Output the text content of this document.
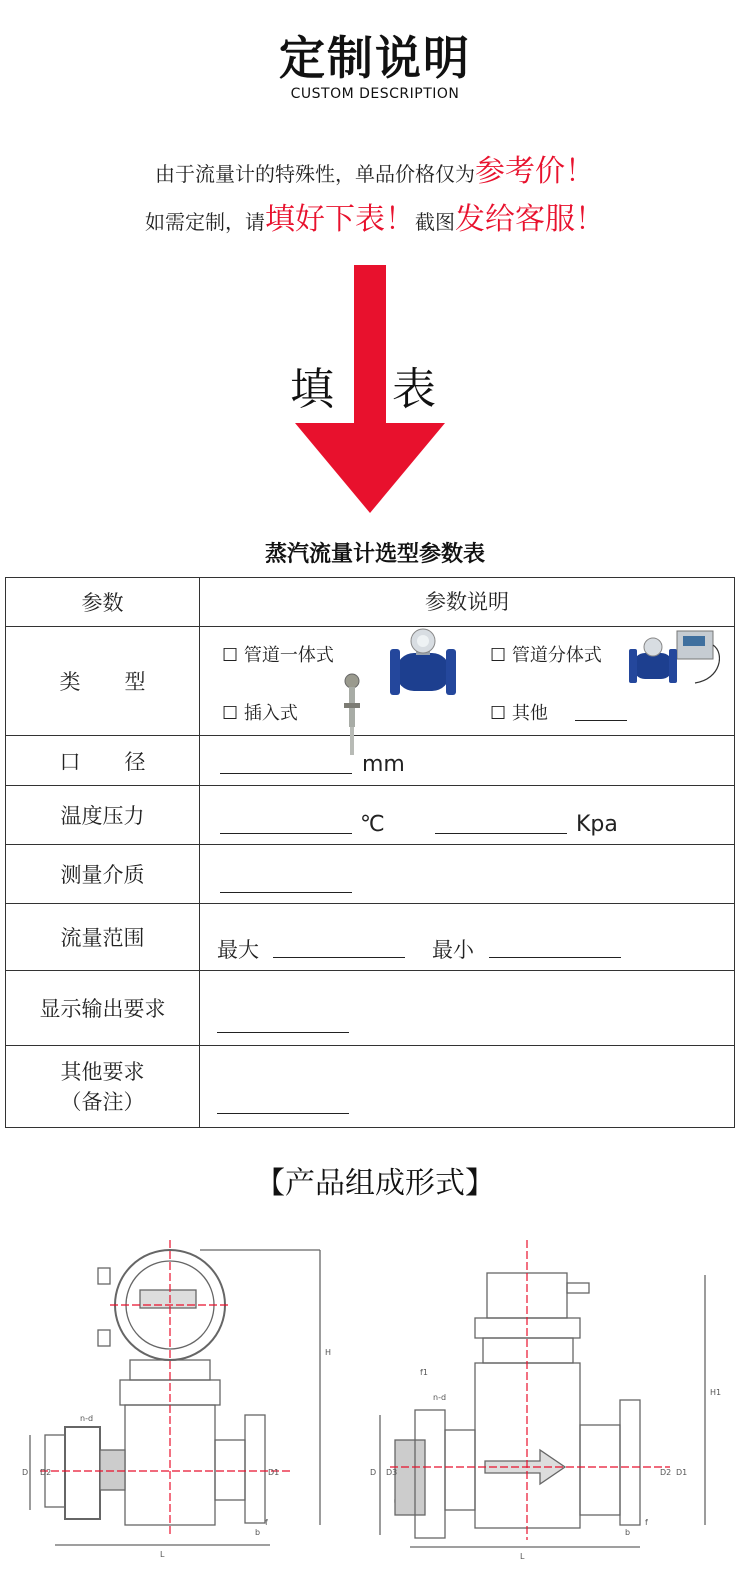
定制说明
CUSTOM DESCRIPTION
由于流量计的特殊性，单品价格仅为参考价！
如需定制，请填好下表！截图发给客服！
填 表
蒸汽流量计选型参数表
参数	参数说明
类型	☐ 管道一体式 ☐ 管道分体式
☐ 插入式 ☐ 其他

口径	mm

温度压力	℃ Kpa

测量介质	

流量范围	最大 最小

显示输出要求	

其他要求
（备注）	

【产品组成形式】
H
D D2	D1
n-d
L
b
f
H1
D D3	D2 D1
n-d
f1
L
b
f
